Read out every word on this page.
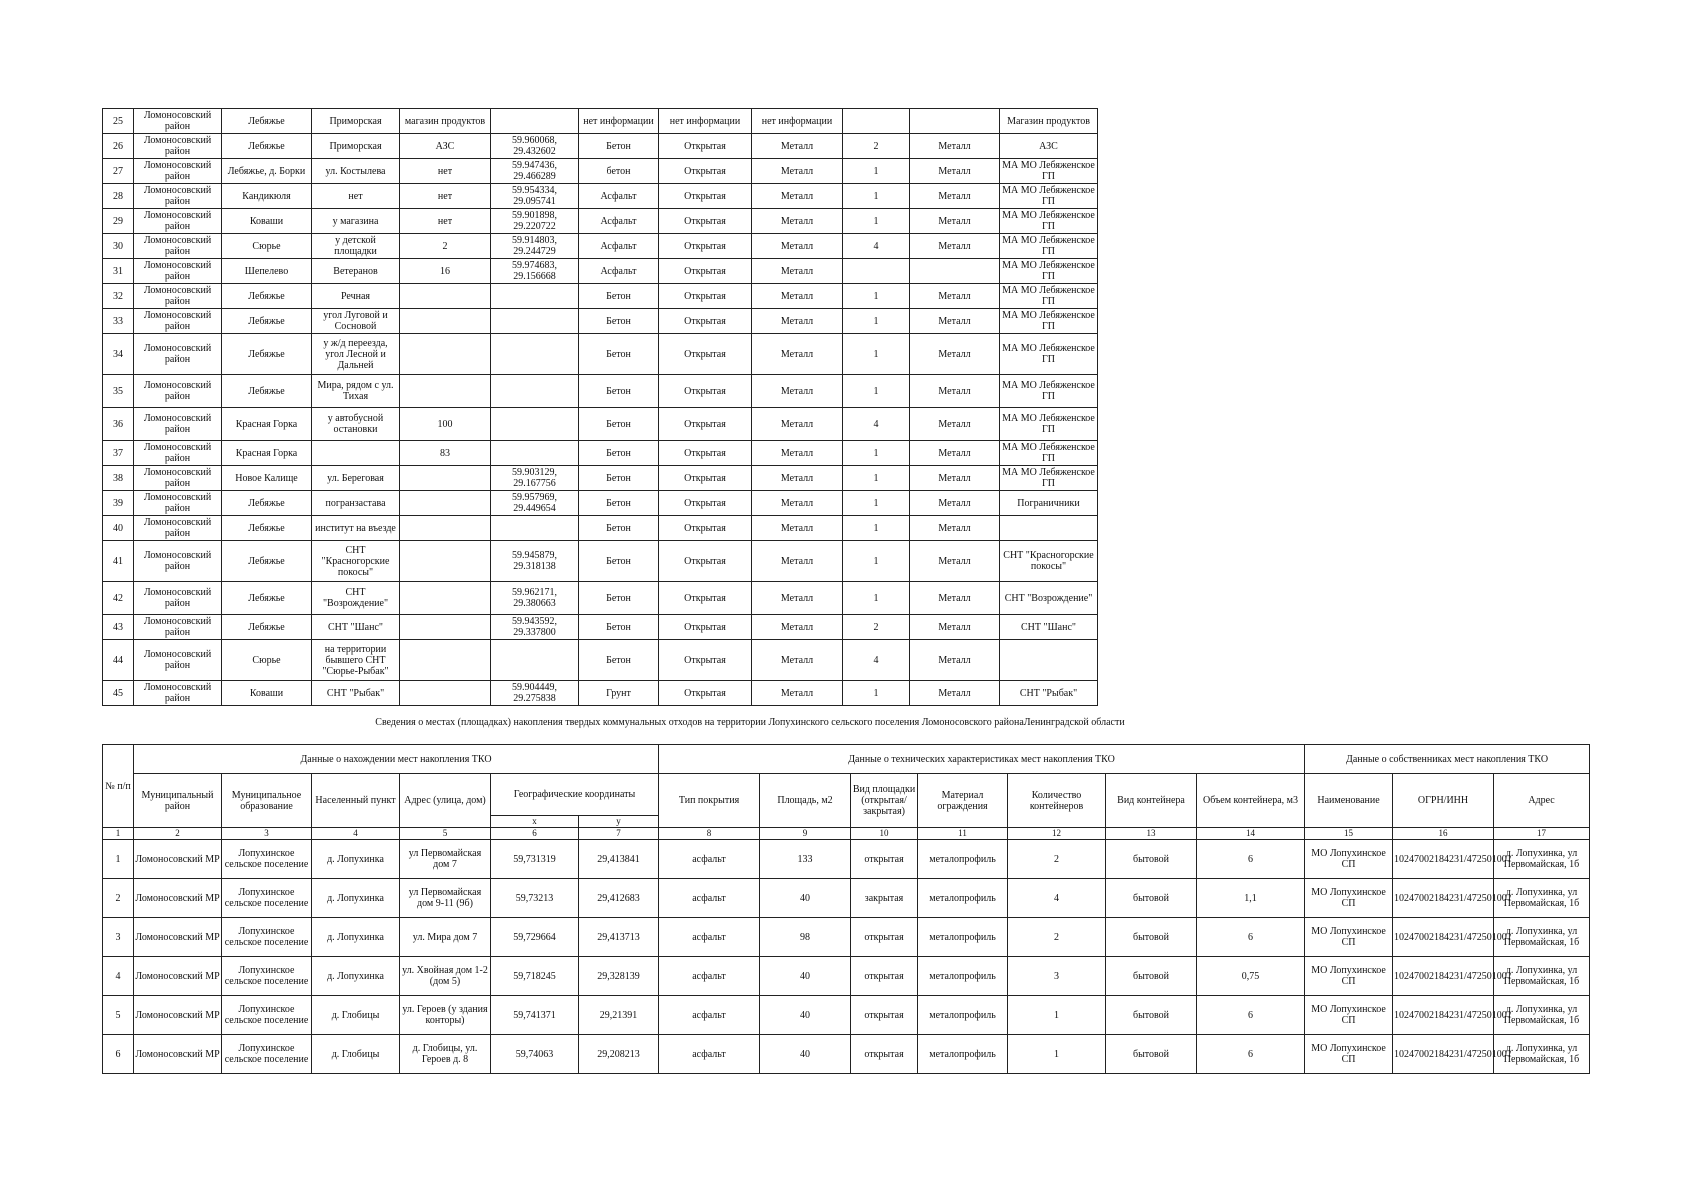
25	Ломоносовский район	Лебяжье	Приморская	магазин продуктов		нет информации	нет информации	нет информации			Магазин продуктов
26	Ломоносовский район	Лебяжье	Приморская	АЗС	59.960068, 29.432602	Бетон	Открытая	Металл	2	Металл	АЗС
27	Ломоносовский район	Лебяжье, д. Борки	ул. Костылева	нет	59.947436, 29.466289	бетон	Открытая	Металл	1	Металл	МА МО Лебяженское ГП
28	Ломоносовский район	Кандикюля	нет	нет	59.954334, 29.095741	Асфальт	Открытая	Металл	1	Металл	МА МО Лебяженское ГП
29	Ломоносовский район	Коваши	у магазина	нет	59.901898, 29.220722	Асфальт	Открытая	Металл	1	Металл	МА МО Лебяженское ГП
30	Ломоносовский район	Сюрье	у детской площадки	2	59.914803, 29.244729	Асфальт	Открытая	Металл	4	Металл	МА МО Лебяженское ГП
31	Ломоносовский район	Шепелево	Ветеранов	16	59.974683, 29.156668	Асфальт	Открытая	Металл			МА МО Лебяженское ГП
32	Ломоносовский район	Лебяжье	Речная			Бетон	Открытая	Металл	1	Металл	МА МО Лебяженское ГП
33	Ломоносовский район	Лебяжье	угол Луговой и Сосновой			Бетон	Открытая	Металл	1	Металл	МА МО Лебяженское ГП
34	Ломоносовский район	Лебяжье	у ж/д переезда, угол Лесной и Дальней			Бетон	Открытая	Металл	1	Металл	МА МО Лебяженское ГП
35	Ломоносовский район	Лебяжье	Мира, рядом с ул. Тихая			Бетон	Открытая	Металл	1	Металл	МА МО Лебяженское ГП
36	Ломоносовский район	Красная Горка	у автобусной остановки	100		Бетон	Открытая	Металл	4	Металл	МА МО Лебяженское ГП
37	Ломоносовский район	Красная Горка		83		Бетон	Открытая	Металл	1	Металл	МА МО Лебяженское ГП
38	Ломоносовский район	Новое Калище	ул. Береговая		59.903129, 29.167756	Бетон	Открытая	Металл	1	Металл	МА МО Лебяженское ГП
39	Ломоносовский район	Лебяжье	погранзастава		59.957969, 29.449654	Бетон	Открытая	Металл	1	Металл	Пограничники
40	Ломоносовский район	Лебяжье	институт на въезде			Бетон	Открытая	Металл	1	Металл	
41	Ломоносовский район	Лебяжье	СНТ "Красногорские покосы"		59.945879, 29.318138	Бетон	Открытая	Металл	1	Металл	СНТ "Красногорские покосы"
42	Ломоносовский район	Лебяжье	СНТ "Возрождение"		59.962171, 29.380663	Бетон	Открытая	Металл	1	Металл	СНТ "Возрождение"
43	Ломоносовский район	Лебяжье	СНТ "Шанс"		59.943592, 29.337800	Бетон	Открытая	Металл	2	Металл	СНТ "Шанс"
44	Ломоносовский район	Сюрье	на территории бывшего СНТ "Сюрье-Рыбак"			Бетон	Открытая	Металл	4	Металл	
45	Ломоносовский район	Коваши	СНТ "Рыбак"		59.904449, 29.275838	Грунт	Открытая	Металл	1	Металл	СНТ "Рыбак"
Сведения о местах (площадках) накопления твердых коммунальных отходов на территории Лопухинского сельского поселения Ломоносовского районаЛенинградской области
№ п/п	Данные о нахождении мест накопления ТКО						Данные о технических характеристиках мест накопления ТКО							Данные о собственниках мест накопления ТКО		
	Муниципальный район	Муниципальное образование	Населенный пункт	Адрес (улица, дом)	Географические координаты		Тип покрытия	Площадь, м2	Вид площадки (открытая/закрытая)	Материал ограждения	Количество контейнеров	Вид контейнера	Объем контейнера, м3	Наименование	ОГРН/ИНН	Адрес
					x	y										
1	2	3	4	5	6	7	8	9	10	11	12	13	14	15	16	17
1	Ломоносовский МР	Лопухинское сельское поселение	д. Лопухинка	ул Первомайская дом 7	59,731319	29,413841	асфальт	133	открытая	металопрофиль	2	бытовой	6	МО Лопухинское СП	10247002184231/472501001	д. Лопухинка, ул Первомайская, 1б
2	Ломоносовский МР	Лопухинское сельское поселение	д. Лопухинка	ул Первомайская дом 9-11 (9б)	59,73213	29,412683	асфальт	40	закрытая	металопрофиль	4	бытовой	1,1	МО Лопухинское СП	10247002184231/472501001	д. Лопухинка, ул Первомайская, 1б
3	Ломоносовский МР	Лопухинское сельское поселение	д. Лопухинка	ул. Мира дом 7	59,729664	29,413713	асфальт	98	открытая	металопрофиль	2	бытовой	6	МО Лопухинское СП	10247002184231/472501001	д. Лопухинка, ул Первомайская, 1б
4	Ломоносовский МР	Лопухинское сельское поселение	д. Лопухинка	ул. Хвойная дом 1-2 (дом 5)	59,718245	29,328139	асфальт	40	открытая	металопрофиль	3	бытовой	0,75	МО Лопухинское СП	10247002184231/472501001	д. Лопухинка, ул Первомайская, 1б
5	Ломоносовский МР	Лопухинское сельское поселение	д. Глобицы	ул. Героев (у здания конторы)	59,741371	29,21391	асфальт	40	открытая	металопрофиль	1	бытовой	6	МО Лопухинское СП	10247002184231/472501001	д. Лопухинка, ул Первомайская, 1б
6	Ломоносовский МР	Лопухинское сельское поселение	д. Глобицы	д. Глобицы, ул. Героев д. 8	59,74063	29,208213	асфальт	40	открытая	металопрофиль	1	бытовой	6	МО Лопухинское СП	10247002184231/472501001	д. Лопухинка, ул Первомайская, 1б
